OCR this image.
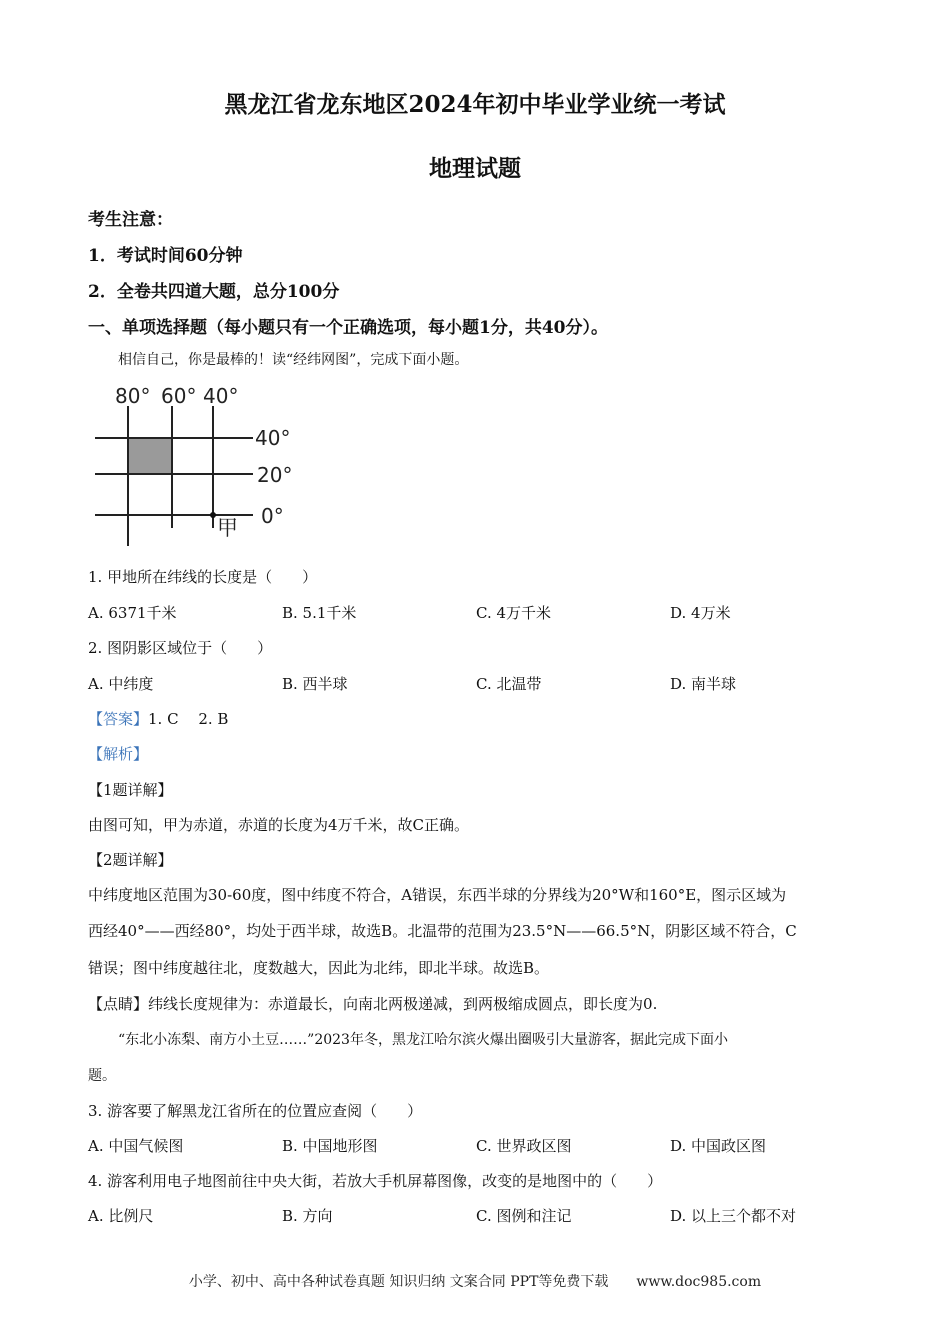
黑龙江省龙东地区2024年初中毕业学业统一考试
地理试题
考生注意：
1．考试时间60分钟
2．全卷共四道大题，总分100分
一、单项选择题（每小题只有一个正确选项，每小题1分，共40分）。
相信自己，你是最棒的！读“经纬网图”，完成下面小题。
80° 60° 40°
40°
20°
0°
甲
1. 甲地所在纬线的长度是（　　）
A. 6371千米	B. 5.1千米	C. 4万千米	D. 4万米
2. 图阴影区域位于（　　）
A. 中纬度	B. 西半球	C. 北温带	D. 南半球
【答案】1. C　 2. B
【解析】
【1题详解】
由图可知，甲为赤道，赤道的长度为4万千米，故C正确。
【2题详解】
中纬度地区范围为30-60度，图中纬度不符合，A错误，东西半球的分界线为20°W和160°E，图示区域为
西经40°——西经80°，均处于西半球，故选B。北温带的范围为23.5°N——66.5°N，阴影区域不符合，C
错误；图中纬度越往北，度数越大，因此为北纬，即北半球。故选B。
【点睛】纬线长度规律为：赤道最长，向南北两极递减，到两极缩成圆点，即长度为0.
“东北小冻梨、南方小土豆……”2023年冬，黑龙江哈尔滨火爆出圈吸引大量游客，据此完成下面小
题。
3. 游客要了解黑龙江省所在的位置应查阅（　　）
A. 中国气候图	B. 中国地形图	C. 世界政区图	D. 中国政区图
4. 游客利用电子地图前往中央大街，若放大手机屏幕图像，改变的是地图中的（　　）
A. 比例尺	B. 方向	C. 图例和注记	D. 以上三个都不对
小学、初中、高中各种试卷真题 知识归纳 文案合同 PPT等免费下载　　www.doc985.com
